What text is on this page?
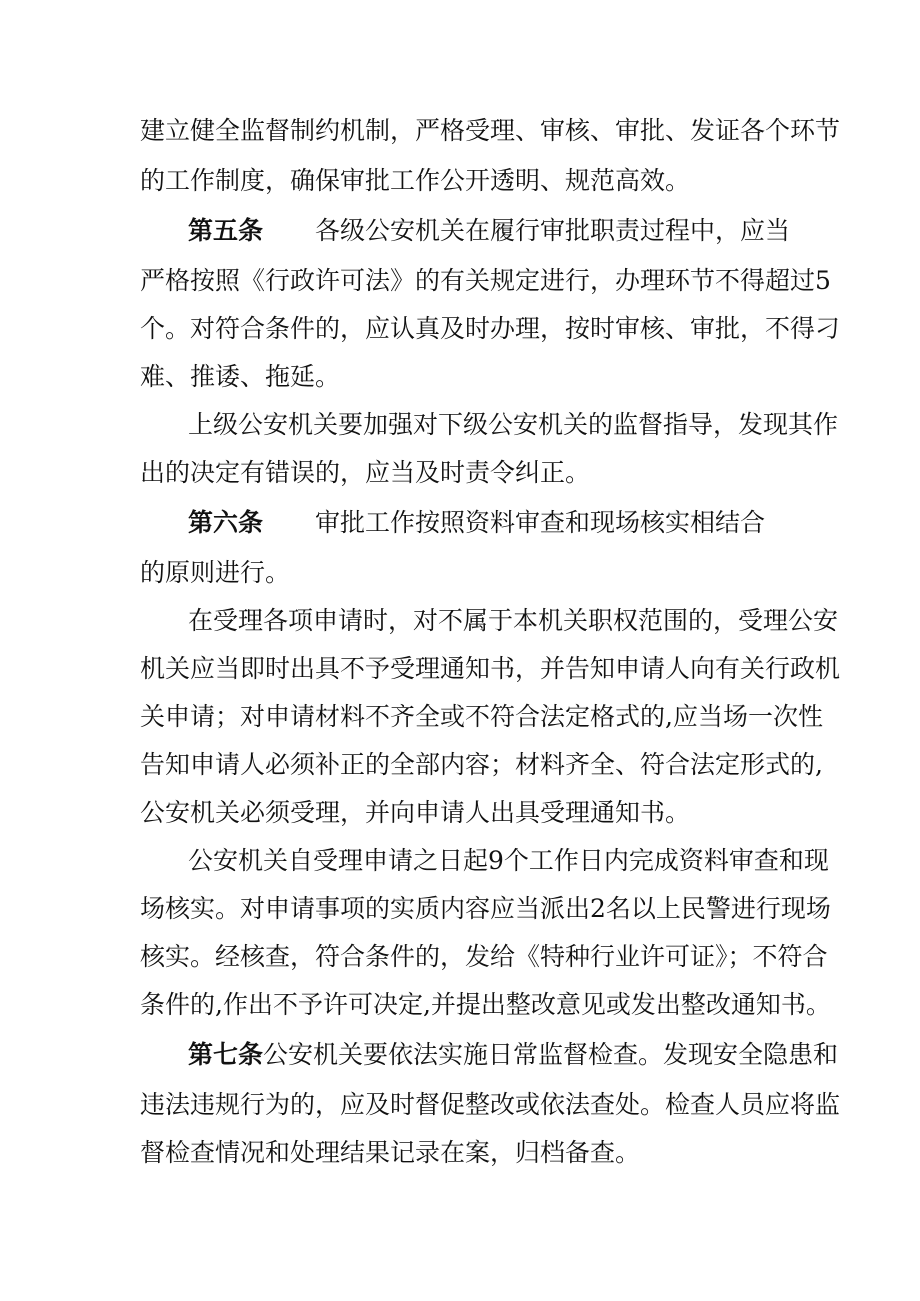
建立健全监督制约机制，严格受理、审核、审批、发证各个环节
的工作制度，确保审批工作公开透明、规范高效。
第五条 各级公安机关在履行审批职责过程中，应当
严格按照《行政许可法》的有关规定进行，办理环节不得超过5
个。对符合条件的，应认真及时办理，按时审核、审批，不得刁
难、推诿、拖延。
上级公安机关要加强对下级公安机关的监督指导，发现其作
出的决定有错误的，应当及时责令纠正。
第六条 审批工作按照资料审查和现场核实相结合
的原则进行。
在受理各项申请时，对不属于本机关职权范围的，受理公安
机关应当即时出具不予受理通知书，并告知申请人向有关行政机
关申请；对申请材料不齐全或不符合法定格式的,应当场一次性
告知申请人必须补正的全部内容；材料齐全、符合法定形式的,
公安机关必须受理，并向申请人出具受理通知书。
公安机关自受理申请之日起9个工作日内完成资料审查和现
场核实。对申请事项的实质内容应当派出2名以上民警进行现场
核实。经核查，符合条件的，发给《特种行业许可证》；不符合
条件的,作出不予许可决定,并提出整改意见或发出整改通知书。
第七条公安机关要依法实施日常监督检查。发现安全隐患和
违法违规行为的，应及时督促整改或依法查处。检查人员应将监
督检查情况和处理结果记录在案，归档备查。
